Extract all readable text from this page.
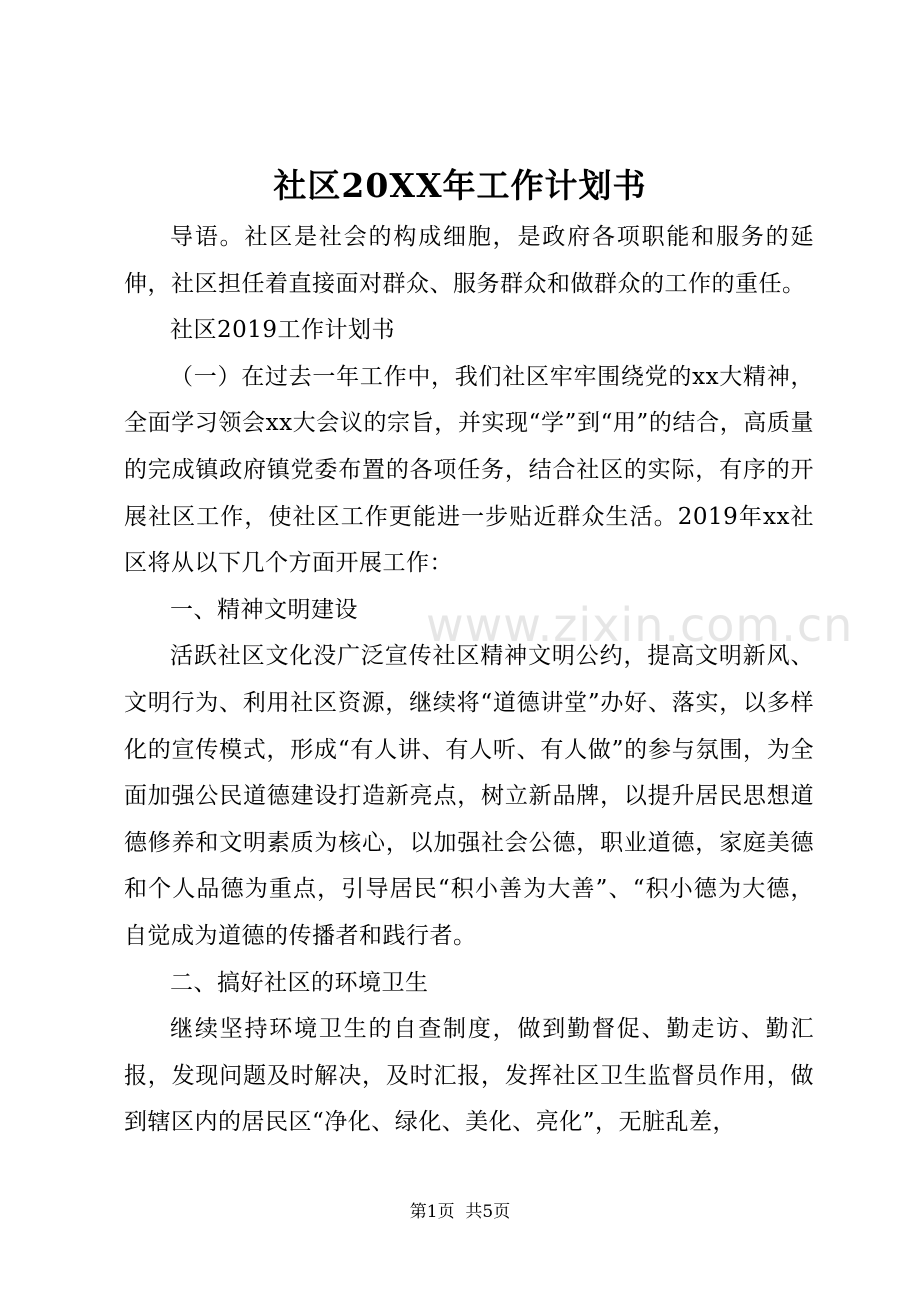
社区20XX年工作计划书
www.zixin.com.cn

导语。社区是社会的构成细胞，是政府各项职能和服务的延伸，社区担任着直接面对群众、服务群众和做群众的工作的重任。

社区2019工作计划书

（一）在过去一年工作中，我们社区牢牢围绕党的xx大精神，全面学习领会xx大会议的宗旨，并实现“学”到“用”的结合，高质量的完成镇政府镇党委布置的各项任务，结合社区的实际，有序的开展社区工作，使社区工作更能进一步贴近群众生活。2019年xx社区将从以下几个方面开展工作：

一、精神文明建设

活跃社区文化没广泛宣传社区精神文明公约，提高文明新风、文明行为、利用社区资源，继续将“道德讲堂”办好、落实，以多样化的宣传模式，形成“有人讲、有人听、有人做”的参与氛围，为全面加强公民道德建设打造新亮点，树立新品牌，以提升居民思想道德修养和文明素质为核心，以加强社会公德，职业道德，家庭美德和个人品德为重点，引导居民“积小善为大善”、“积小德为大德，自觉成为道德的传播者和践行者。

二、搞好社区的环境卫生

继续坚持环境卫生的自查制度，做到勤督促、勤走访、勤汇报，发现问题及时解决，及时汇报，发挥社区卫生监督员作用，做到辖区内的居民区“净化、绿化、美化、亮化”，无脏乱差，

第1页  共5页
